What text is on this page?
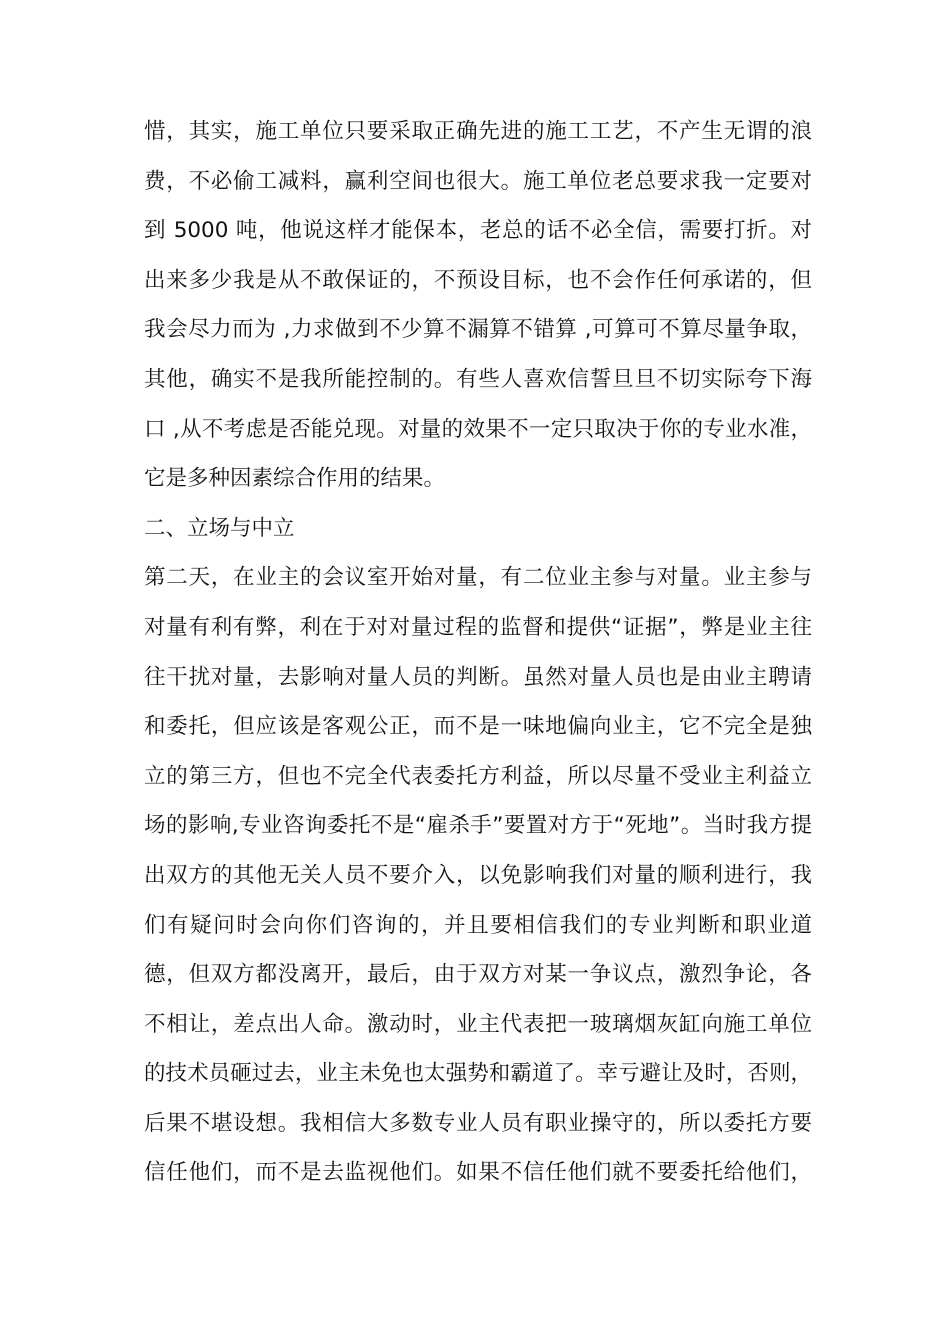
惜，其实，施工单位只要采取正确先进的施工工艺，不产生无谓的浪
费，不必偷工减料，赢利空间也很大。施工单位老总要求我一定要对
到 5000 吨，他说这样才能保本，老总的话不必全信，需要打折。对
出来多少我是从不敢保证的，不预设目标，也不会作任何承诺的，但
我会尽力而为 ,力求做到不少算不漏算不错算 ,可算可不算尽量争取，
其他，确实不是我所能控制的。有些人喜欢信誓旦旦不切实际夸下海
口 ,从不考虑是否能兑现。对量的效果不一定只取决于你的专业水准，
它是多种因素综合作用的结果。
二、立场与中立
第二天，在业主的会议室开始对量，有二位业主参与对量。业主参与
对量有利有弊，利在于对对量过程的监督和提供“证据”，弊是业主往
往干扰对量，去影响对量人员的判断。虽然对量人员也是由业主聘请
和委托，但应该是客观公正，而不是一味地偏向业主，它不完全是独
立的第三方，但也不完全代表委托方利益，所以尽量不受业主利益立
场的影响,专业咨询委托不是“雇杀手”要置对方于“死地”。当时我方提
出双方的其他无关人员不要介入，以免影响我们对量的顺利进行，我
们有疑问时会向你们咨询的，并且要相信我们的专业判断和职业道
德，但双方都没离开，最后，由于双方对某一争议点，激烈争论，各
不相让，差点出人命。激动时，业主代表把一玻璃烟灰缸向施工单位
的技术员砸过去，业主未免也太强势和霸道了。幸亏避让及时，否则，
后果不堪设想。我相信大多数专业人员有职业操守的，所以委托方要
信任他们，而不是去监视他们。如果不信任他们就不要委托给他们，
